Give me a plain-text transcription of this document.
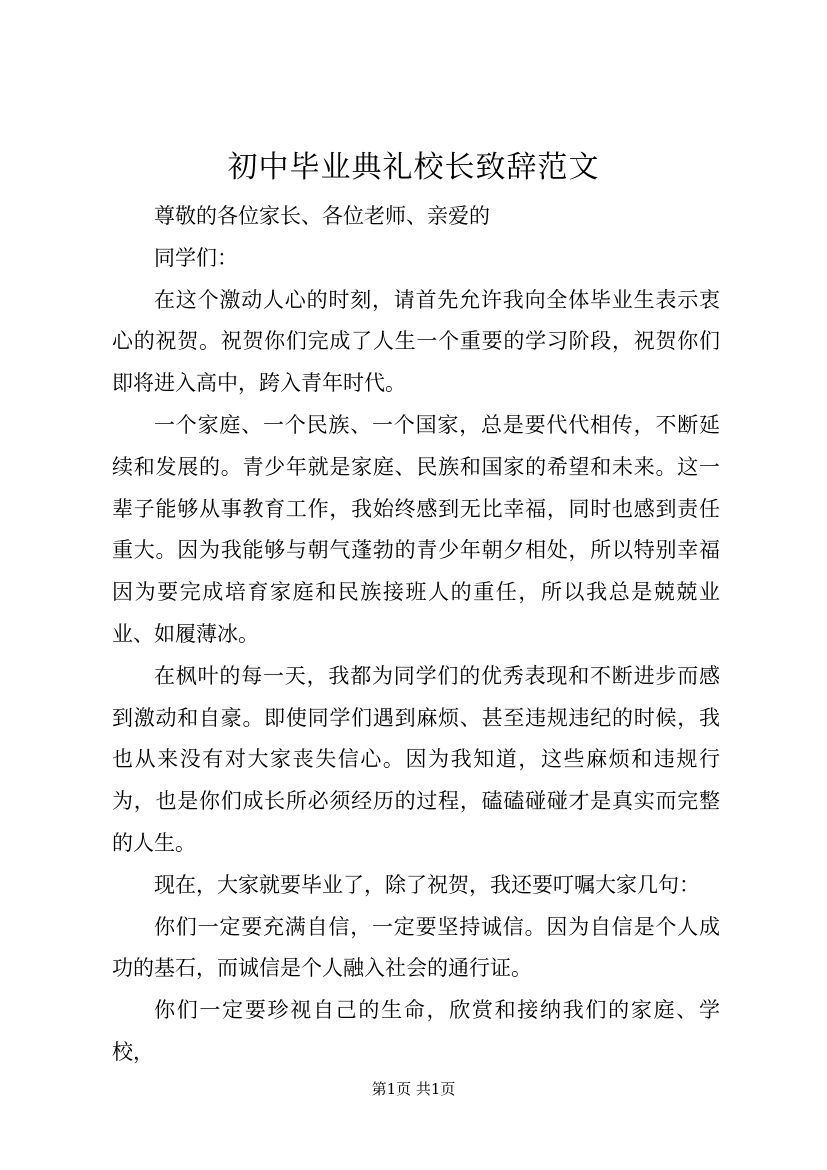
初中毕业典礼校长致辞范文

尊敬的各位家长、各位老师、亲爱的

同学们：

在这个激动人心的时刻，请首先允许我向全体毕业生表示衷心的祝贺。祝贺你们完成了人生一个重要的学习阶段，祝贺你们即将进入高中，跨入青年时代。

一个家庭、一个民族、一个国家，总是要代代相传，不断延续和发展的。青少年就是家庭、民族和国家的希望和未来。这一辈子能够从事教育工作，我始终感到无比幸福，同时也感到责任重大。因为我能够与朝气蓬勃的青少年朝夕相处，所以特别幸福因为要完成培育家庭和民族接班人的重任，所以我总是兢兢业业、如履薄冰。

在枫叶的每一天，我都为同学们的优秀表现和不断进步而感到激动和自豪。即使同学们遇到麻烦、甚至违规违纪的时候，我也从来没有对大家丧失信心。因为我知道，这些麻烦和违规行为，也是你们成长所必须经历的过程，磕磕碰碰才是真实而完整的人生。

现在，大家就要毕业了，除了祝贺，我还要叮嘱大家几句：

你们一定要充满自信，一定要坚持诚信。因为自信是个人成功的基石，而诚信是个人融入社会的通行证。

你们一定要珍视自己的生命，欣赏和接纳我们的家庭、学校，

第1页 共1页
